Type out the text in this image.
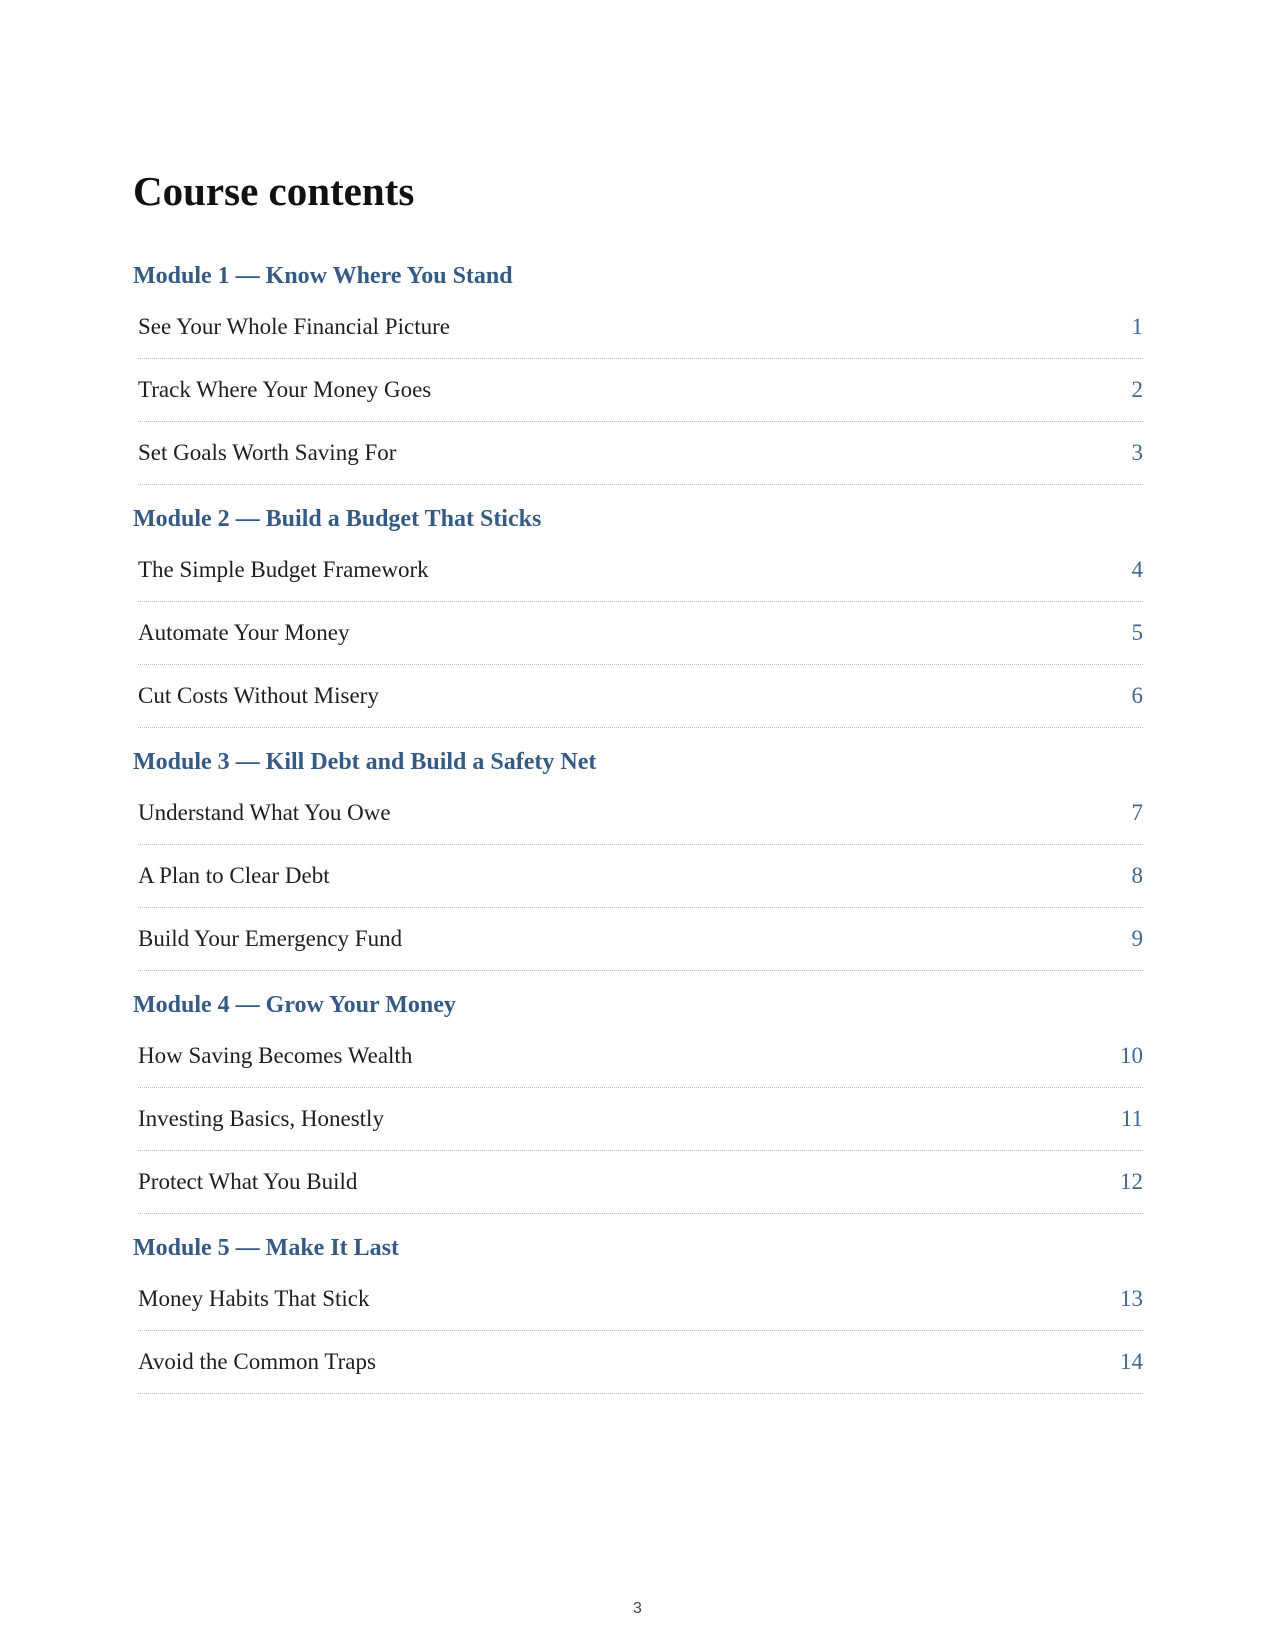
Course contents
Module 1 — Know Where You Stand
See Your Whole Financial Picture	1
Track Where Your Money Goes	2
Set Goals Worth Saving For	3
Module 2 — Build a Budget That Sticks
The Simple Budget Framework	4
Automate Your Money	5
Cut Costs Without Misery	6
Module 3 — Kill Debt and Build a Safety Net
Understand What You Owe	7
A Plan to Clear Debt	8
Build Your Emergency Fund	9
Module 4 — Grow Your Money
How Saving Becomes Wealth	10
Investing Basics, Honestly	11
Protect What You Build	12
Module 5 — Make It Last
Money Habits That Stick	13
Avoid the Common Traps	14
3
